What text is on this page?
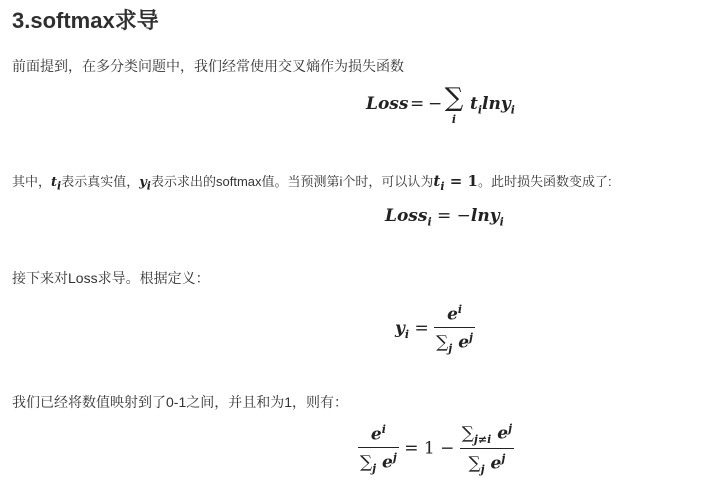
3.softmax求导
前面提到，在多分类问题中，我们经常使用交叉熵作为损失函数
Loss = − ∑
i
$t_i\ln y_i$
其中，$t_i$表示真实值，$y_i$表示求出的softmax值。当预测第i个时，可以认为$t_i = 1$。此时损失函数变成了:
Loss$_i$ = −lny$_i$
接下来对Loss求导。根据定义：
$y_i = \frac{e^i}{\sum_j e^j}$
我们已经将数值映射到了0-1之间，并且和为1，则有：
$\frac{e^i}{\sum_j e^j} = 1 - \frac{\sum_{j\ne i} e^j}{\sum_j e^j}$
